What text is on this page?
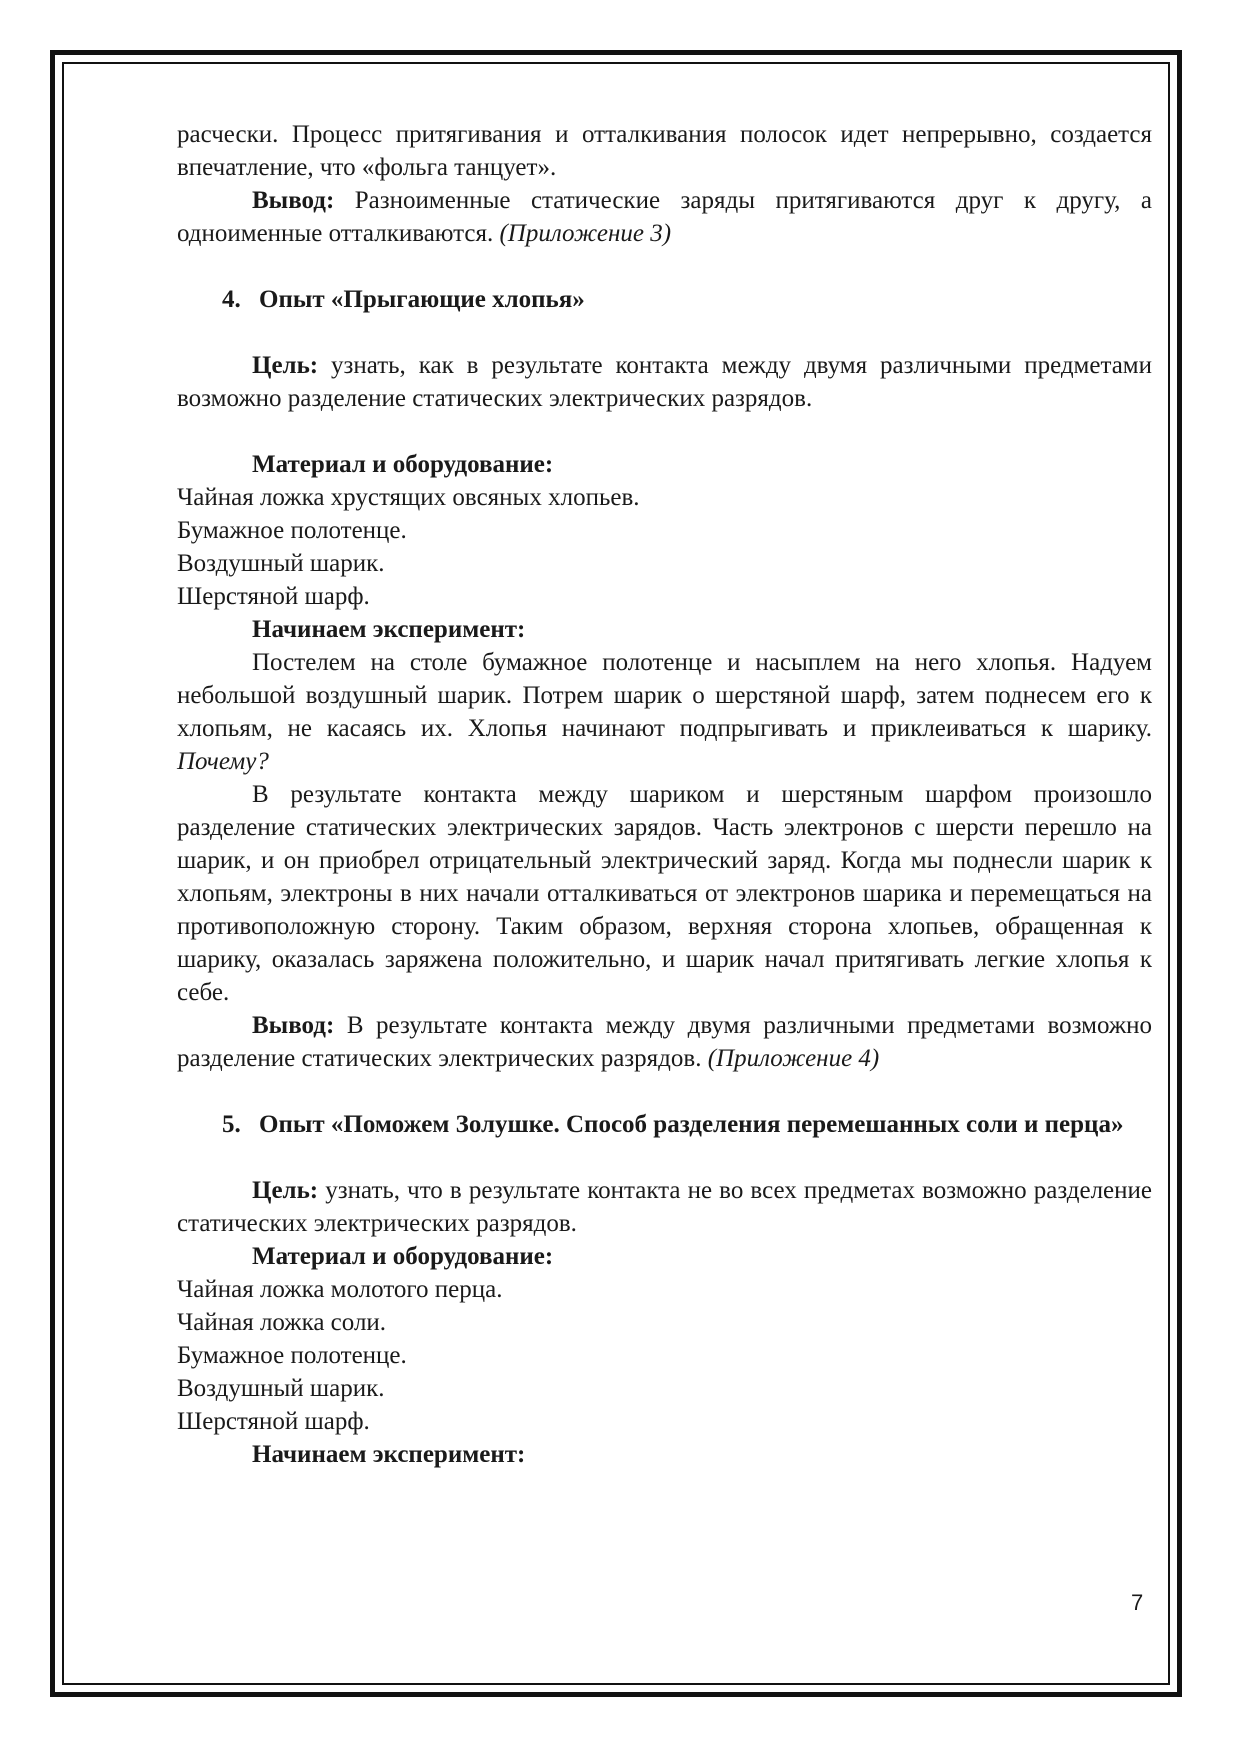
расчески. Процесс притягивания и отталкивания полосок идет непрерывно, создается впечатление, что «фольга танцует».

Вывод: Разноименные статические заряды притягиваются друг к другу, а одноименные отталкиваются. (Приложение 3)

4. Опыт «Прыгающие хлопья»

Цель: узнать, как в результате контакта между двумя различными предметами возможно разделение статических электрических разрядов.

Материал и оборудование:

Чайная ложка хрустящих овсяных хлопьев.

Бумажное полотенце.

Воздушный шарик.

Шерстяной шарф.

Начинаем эксперимент:

Постелем на столе бумажное полотенце и насыплем на него хлопья. Надуем небольшой воздушный шарик. Потрем шарик о шерстяной шарф, затем поднесем его к хлопьям, не касаясь их. Хлопья начинают подпрыгивать и приклеиваться к шарику. Почему?

В результате контакта между шариком и шерстяным шарфом произошло разделение статических электрических зарядов. Часть электронов с шерсти перешло на шарик, и он приобрел отрицательный электрический заряд. Когда мы поднесли шарик к хлопьям, электроны в них начали отталкиваться от электронов шарика и перемещаться на противоположную сторону. Таким образом, верхняя сторона хлопьев, обращенная к шарику, оказалась заряжена положительно, и шарик начал притягивать легкие хлопья к себе.

Вывод: В результате контакта между двумя различными предметами возможно разделение статических электрических разрядов. (Приложение 4)

5. Опыт «Поможем Золушке. Способ разделения перемешанных соли и перца»

Цель: узнать, что в результате контакта не во всех предметах возможно разделение статических электрических разрядов.

Материал и оборудование:

Чайная ложка молотого перца.

Чайная ложка соли.

Бумажное полотенце.

Воздушный шарик.

Шерстяной шарф.

Начинаем эксперимент:

7
